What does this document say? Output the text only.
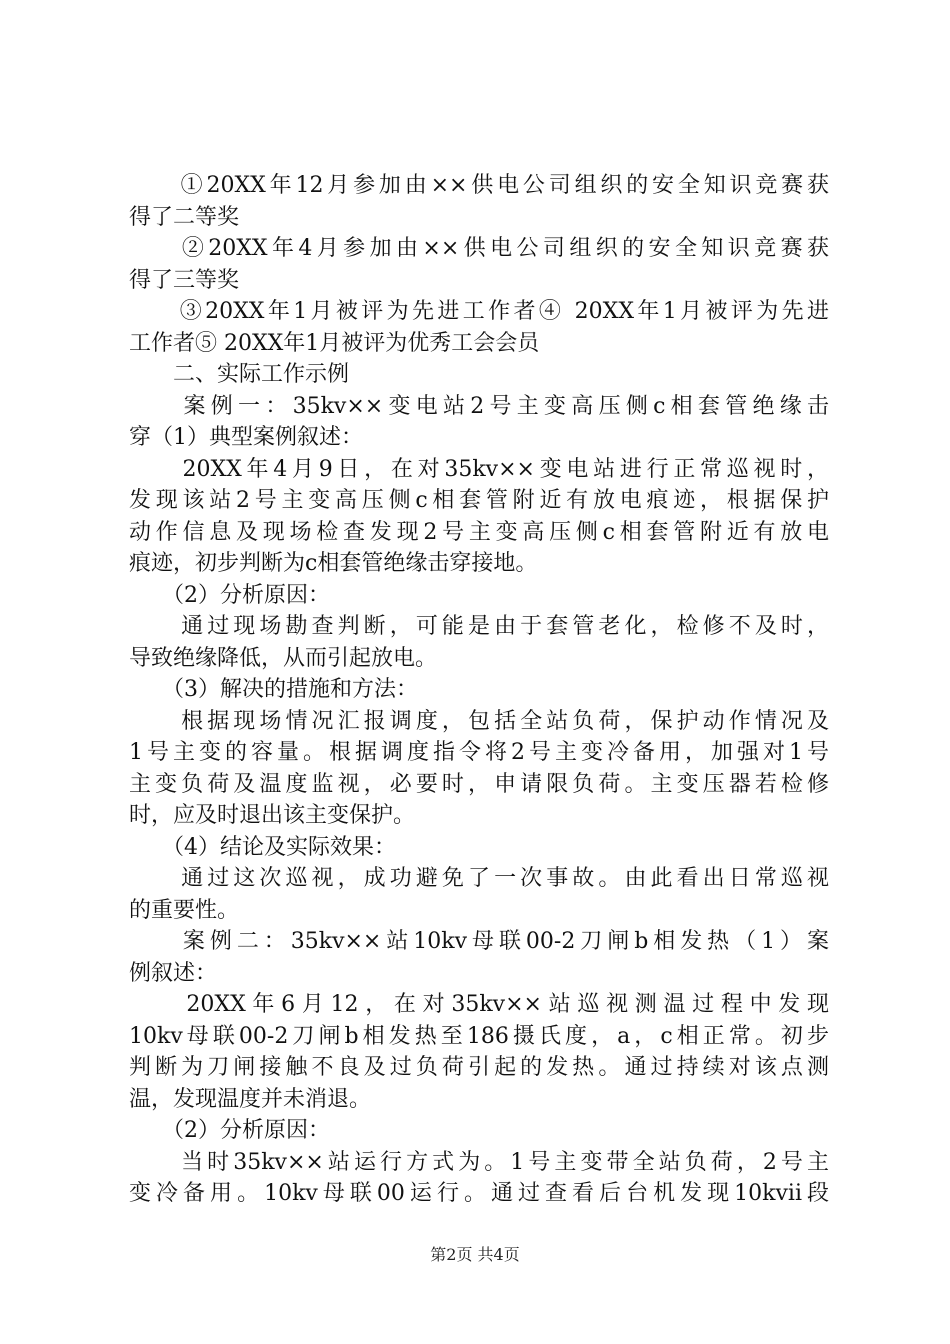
　　①20XX年12月参加由××供电公司组织的安全知识竞赛获
得了二等奖
　　②20XX年4月参加由××供电公司组织的安全知识竞赛获
得了三等奖
　　③20XX年1月被评为先进工作者④ 20XX年1月被评为先进
工作者⑤ 20XX年1月被评为优秀工会会员
　　二、实际工作示例
　　案例一：35kv××变电站2号主变高压侧c相套管绝缘击
穿（1）典型案例叙述：
　　20XX年4月9日，在对35kv××变电站进行正常巡视时，
发现该站2号主变高压侧c相套管附近有放电痕迹，根据保护
动作信息及现场检查发现2号主变高压侧c相套管附近有放电
痕迹，初步判断为c相套管绝缘击穿接地。
　　（2）分析原因：
　　通过现场勘查判断，可能是由于套管老化，检修不及时，
导致绝缘降低，从而引起放电。
　　（3）解决的措施和方法：
　　根据现场情况汇报调度，包括全站负荷，保护动作情况及
1号主变的容量。根据调度指令将2号主变冷备用，加强对1号
主变负荷及温度监视，必要时，申请限负荷。主变压器若检修
时，应及时退出该主变保护。
　　（4）结论及实际效果：
　　通过这次巡视，成功避免了一次事故。由此看出日常巡视
的重要性。
　　案例二：35kv××站10kv母联00-2刀闸b相发热（1）案
例叙述：
　　20XX年6月12，在对35kv××站巡视测温过程中发现
10kv母联00-2刀闸b相发热至186摄氏度，a，c相正常。初步
判断为刀闸接触不良及过负荷引起的发热。通过持续对该点测
温，发现温度并未消退。
　　（2）分析原因：
　　当时35kv××站运行方式为。1号主变带全站负荷，2号主
变冷备用。10kv母联00运行。通过查看后台机发现10kvii段
第2页 共4页
